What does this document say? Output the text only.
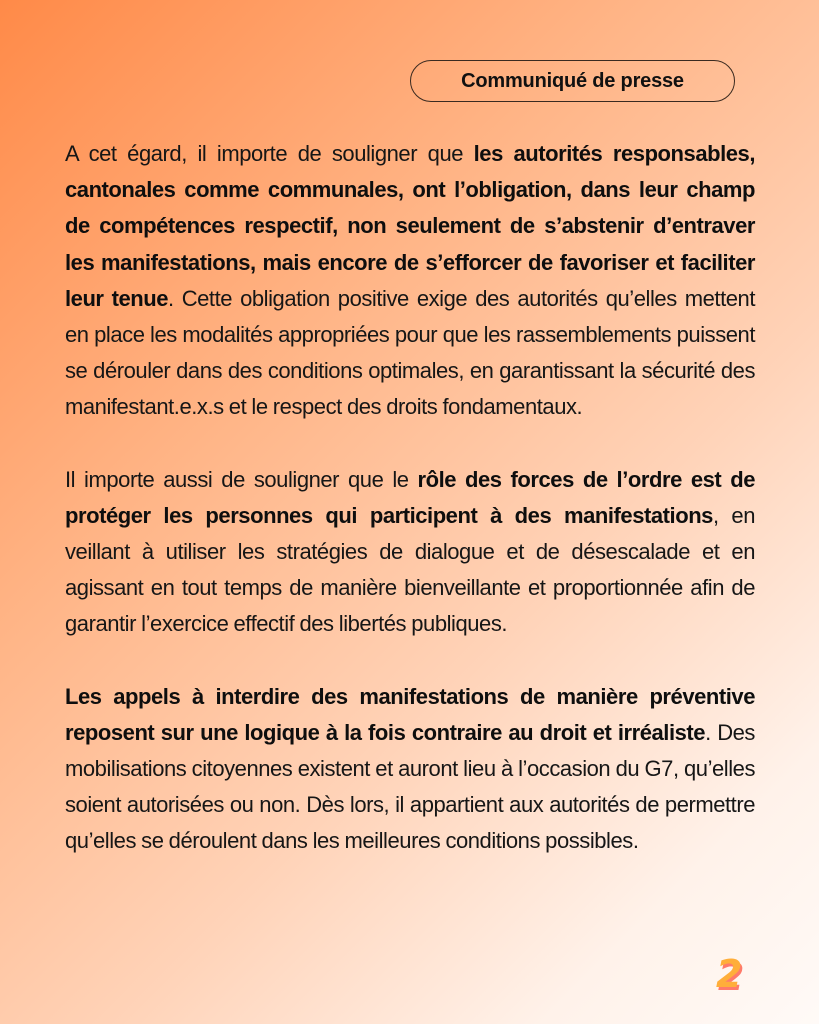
Communiqué de presse

A cet égard, il importe de souligner que les autorités responsables, cantonales comme communales, ont l’obligation, dans leur champ de compétences respectif, non seulement de s’abstenir d’entraver les manifestations, mais encore de s’efforcer de favoriser et faciliter leur tenue. Cette obligation positive exige des autorités qu’elles mettent en place les modalités appropriées pour que les rassemblements puissent se dérouler dans des conditions optimales, en garantissant la sécurité des manifestant.e.x.s et le respect des droits fondamentaux.

Il importe aussi de souligner que le rôle des forces de l’ordre est de protéger les personnes qui participent à des manifestations, en veillant à utiliser les stratégies de dialogue et de désescalade et en agissant en tout temps de manière bienveillante et proportionnée afin de garantir l’exercice effectif des libertés publiques.

Les appels à interdire des manifestations de manière préventive reposent sur une logique à la fois contraire au droit et irréaliste. Des mobilisations citoyennes existent et auront lieu à l’occasion du G7, qu’elles soient autorisées ou non. Dès lors, il appartient aux autorités de permettre qu’elles se déroulent dans les meilleures conditions possibles.

2
